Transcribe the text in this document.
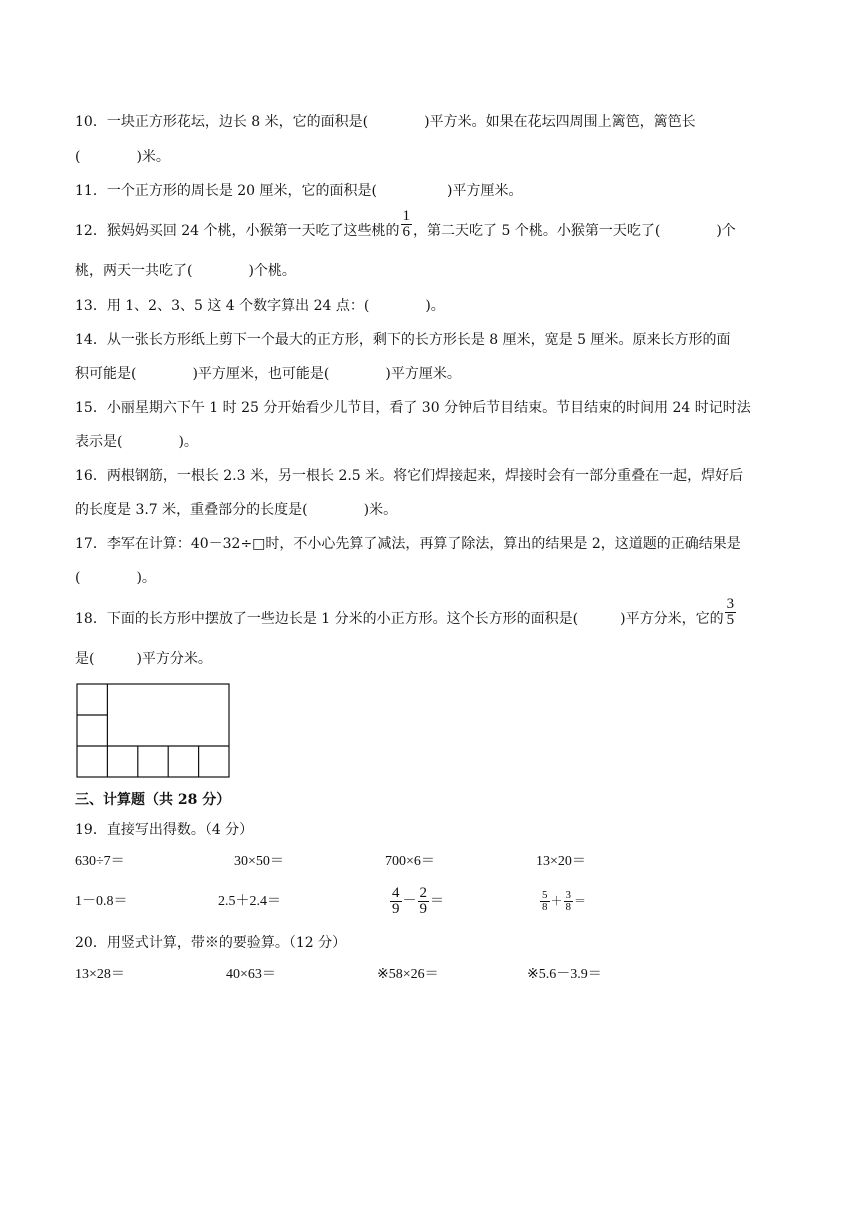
10．一块正方形花坛，边长 8 米，它的面积是(　　　　	)平方米。如果在花坛四周围上篱笆，篱笆长
(　　　　	)米。
11．一个正方形的周长是 20 厘米，它的面积是(　　　　　	)平方厘米。
12．猴妈妈买回 24 个桃，小猴第一天吃了这些桃的 $\frac{1}{6}$ ，第二天吃了 5 个桃。小猴第一天吃了(　　　　	)个
桃，两天一共吃了(　　　　	)个桃。
13．用 1、2、3、5 这 4 个数字算出 24 点：(　　　　	)。
14．从一张长方形纸上剪下一个最大的正方形，剩下的长方形长是 8 厘米，宽是 5 厘米。原来长方形的面
积可能是(　　　　	)平方厘米，也可能是(　　　　	)平方厘米。
15．小丽星期六下午 1 时 25 分开始看少儿节目，看了 30 分钟后节目结束。节目结束的时间用 24 时记时法
表示是(　　　　	)。
16．两根钢筋，一根长 2.3 米，另一根长 2.5 米。将它们焊接起来，焊接时会有一部分重叠在一起，焊好后
的长度是 3.7 米，重叠部分的长度是(　　　　	)米。
17．李军在计算：40－32÷□时，不小心先算了减法，再算了除法，算出的结果是 2，这道题的正确结果是
(　　　　	)。
18．下面的长方形中摆放了一些边长是 1 分米的小正方形。这个长方形的面积是(　　　	)平方分米，它的 $\frac{3}{5}$
是(　　　	)平方分米。
三、计算题（共 28 分）
19．直接写出得数。（4 分）
630÷7＝	30×50＝	700×6＝	13×20＝
1－0.8＝	2.5＋2.4＝	$\frac{4}{9} - \frac{2}{9}$ ＝	$\frac{5}{8} + \frac{3}{8}$ ＝
20．用竖式计算，带※的要验算。（12 分）
13×28＝	40×63＝	※58×26＝	※5.6－3.9＝
